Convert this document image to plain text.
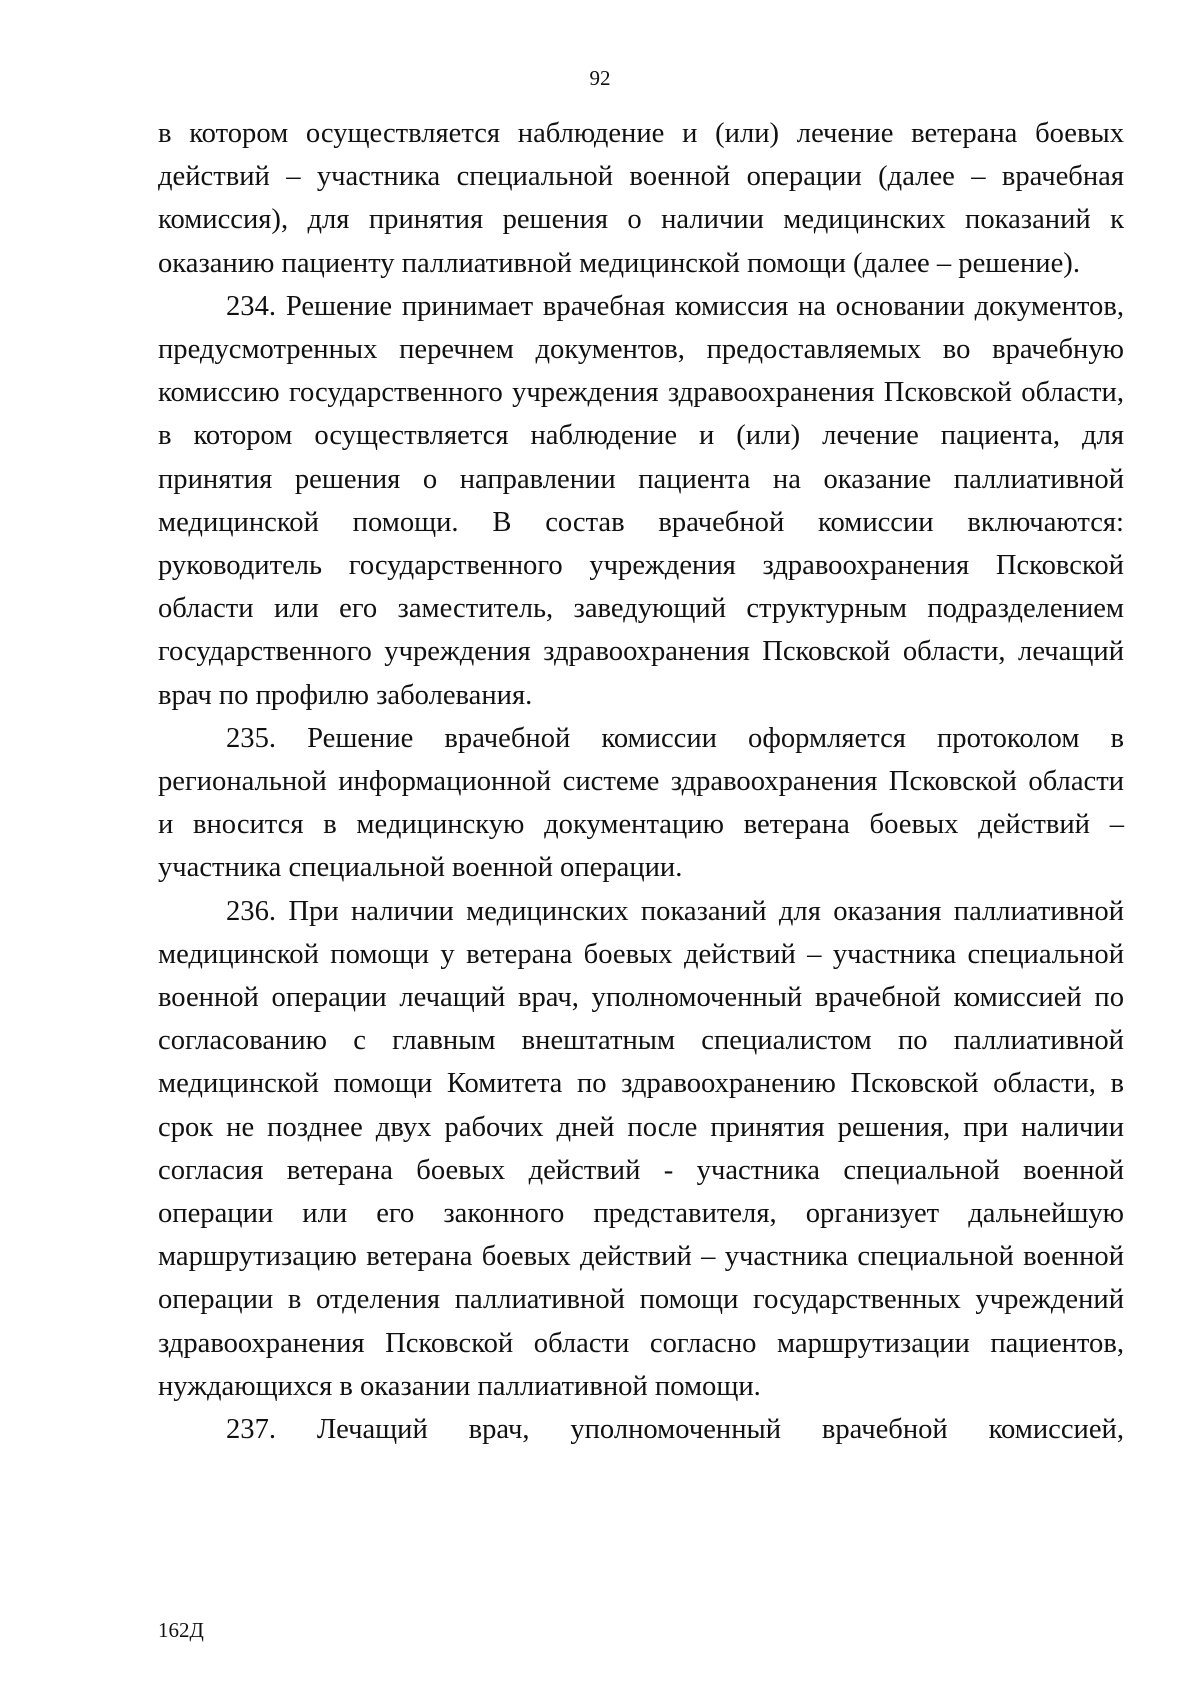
92

в котором осуществляется наблюдение и (или) лечение ветерана боевых действий – участника специальной военной операции (далее – врачебная комиссия), для принятия решения о наличии медицинских показаний к оказанию пациенту паллиативной медицинской помощи (далее – решение).

234. Решение принимает врачебная комиссия на основании документов, предусмотренных перечнем документов, предоставляемых во врачебную комиссию государственного учреждения здравоохранения Псковской области, в котором осуществляется наблюдение и (или) лечение пациента, для принятия решения о направлении пациента на оказание паллиативной медицинской помощи. В состав врачебной комиссии включаются: руководитель государственного учреждения здравоохранения Псковской области или его заместитель, заведующий структурным подразделением государственного учреждения здравоохранения Псковской области, лечащий врач по профилю заболевания.

235. Решение врачебной комиссии оформляется протоколом в региональной информационной системе здравоохранения Псковской области и вносится в медицинскую документацию ветерана боевых действий – участника специальной военной операции.

236. При наличии медицинских показаний для оказания паллиативной медицинской помощи у ветерана боевых действий – участника специальной военной операции лечащий врач, уполномоченный врачебной комиссией по согласованию с главным внештатным специалистом по паллиативной медицинской помощи Комитета по здравоохранению Псковской области, в срок не позднее двух рабочих дней после принятия решения, при наличии согласия ветерана боевых действий - участника специальной военной операции или его законного представителя, организует дальнейшую маршрутизацию ветерана боевых действий – участника специальной военной операции в отделения паллиативной помощи государственных учреждений здравоохранения Псковской области согласно маршрутизации пациентов, нуждающихся в оказании паллиативной помощи.

237. Лечащий врач, уполномоченный врачебной комиссией,

162Д
